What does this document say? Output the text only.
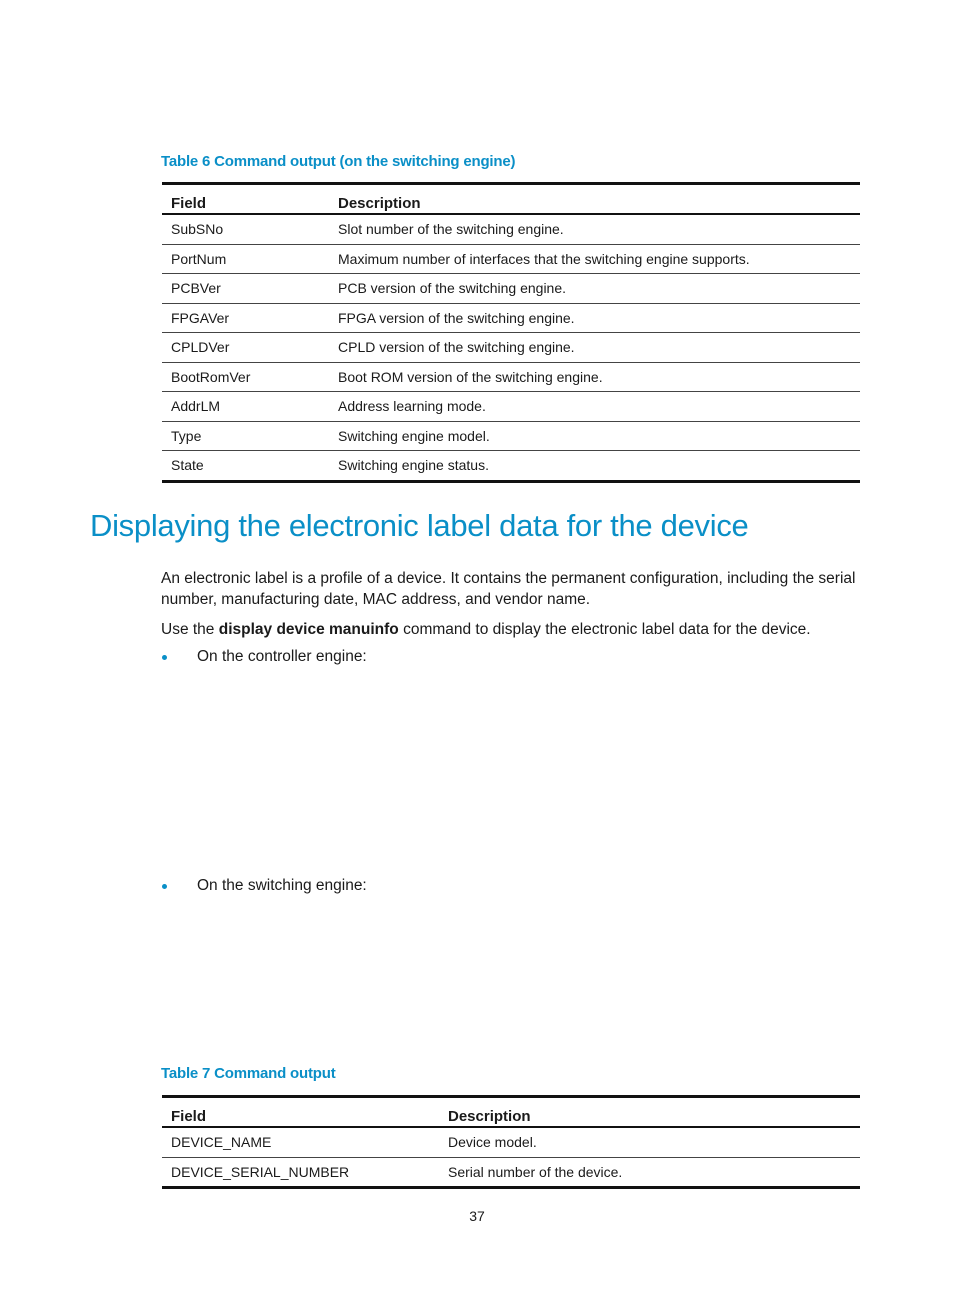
Table 6 Command output (on the switching engine)
Field	Description
SubSNo	Slot number of the switching engine.
PortNum	Maximum number of interfaces that the switching engine supports.
PCBVer	PCB version of the switching engine.
FPGAVer	FPGA version of the switching engine.
CPLDVer	CPLD version of the switching engine.
BootRomVer	Boot ROM version of the switching engine.
AddrLM	Address learning mode.
Type	Switching engine model.
State	Switching engine status.
Displaying the electronic label data for the device

An electronic label is a profile of a device. It contains the permanent configuration, including the serial number, manufacturing date, MAC address, and vendor name.

Use the display device manuinfo command to display the electronic label data for the device.

On the controller engine:
On the switching engine:
Table 7 Command output
Field	Description
DEVICE_NAME	Device model.
DEVICE_SERIAL_NUMBER	Serial number of the device.
37
